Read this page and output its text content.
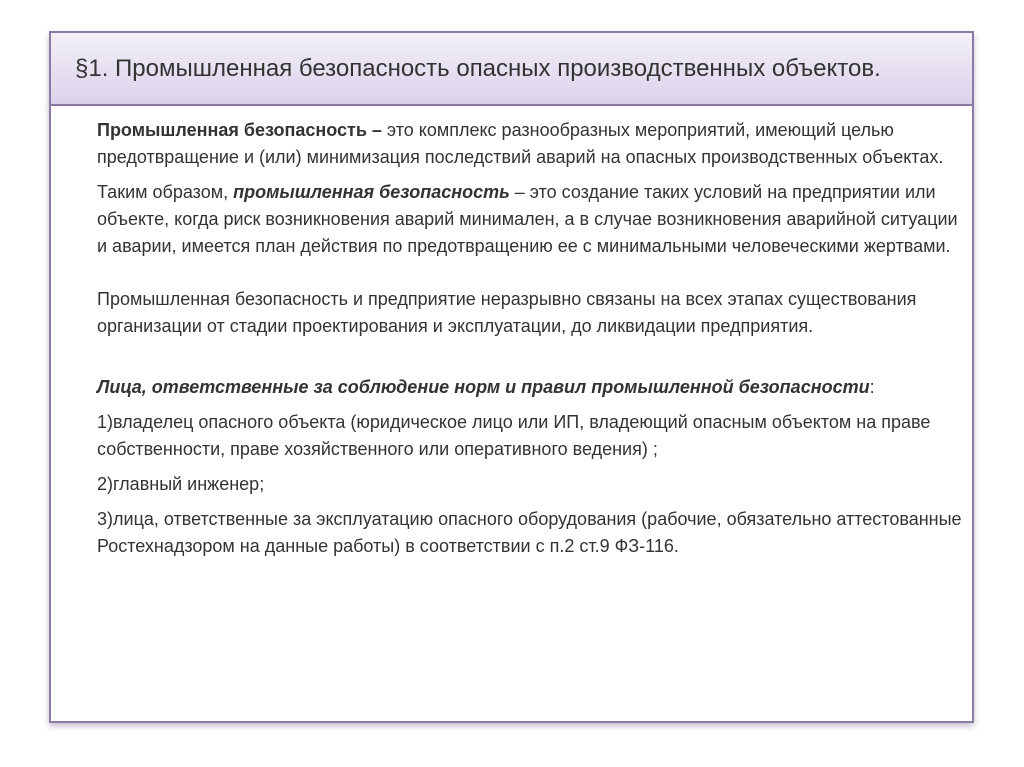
§1. Промышленная безопасность опасных производственных объектов.

Промышленная безопасность – это комплекс разнообразных мероприятий, имеющий целью предотвращение и (или) минимизация последствий аварий на опасных производственных объектах.

Таким образом, промышленная безопасность – это создание таких условий на предприятии или объекте, когда риск возникновения аварий минимален, а в случае возникновения аварийной ситуации и аварии, имеется план действия по предотвращению ее с минимальными человеческими жертвами.

Промышленная безопасность и предприятие неразрывно связаны на всех этапах существования организации от стадии проектирования и эксплуатации, до ликвидации предприятия.

Лица, ответственные за соблюдение норм и правил промышленной безопасности:

1)владелец опасного объекта (юридическое лицо или ИП, владеющий опасным объектом на праве собственности, праве хозяйственного или оперативного ведения) ;

2)главный инженер;

3)лица, ответственные за эксплуатацию опасного оборудования (рабочие, обязательно аттестованные Ростехнадзором на данные работы) в соответствии с п.2 ст.9 ФЗ-116.
